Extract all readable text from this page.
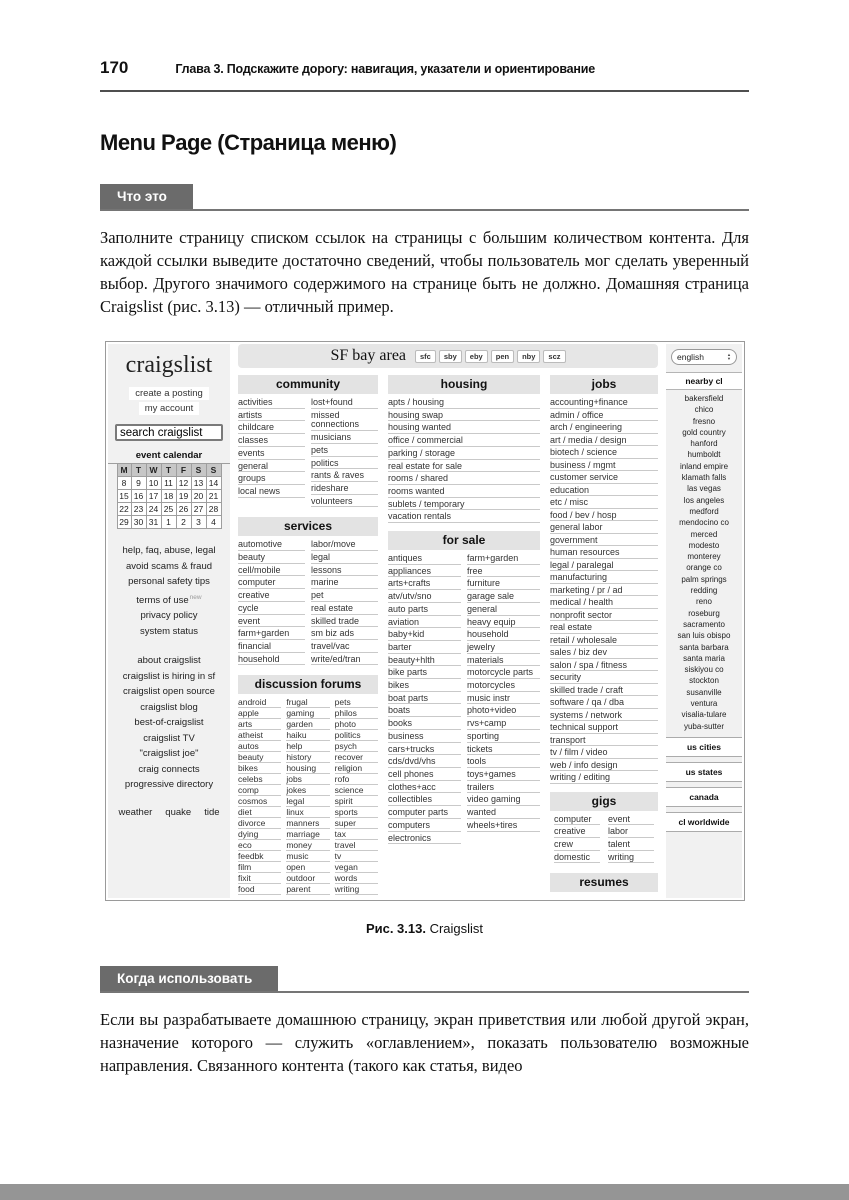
170	Глава 3. Подскажите дорогу: навигация, указатели и ориентирование
Menu Page (Страница меню)
Что это

Заполните страницу списком ссылок на страницы с большим количеством контента. Для каждой ссылки выведите достаточно сведений, чтобы пользователь мог сделать уверенный выбор. Другого значимого содержимого на странице быть не должно. Домашняя страница Craigslist (рис. 3.13) — отличный пример.

craigslist
create a posting
my account
search craigslist
event calendar
M T W T	F	S	S
8	9 10 11 12 13 14
15 16 17 18 19 20 21
22 23 24 25 26 27 28
29 30 31 1	2	3	4
help, faq, abuse, legal
avoid scams & fraud
personal safety tips
terms of use$^{new}$
privacy policy
system status
about craigslist
craigslist is hiring in sf
craigslist open source
craigslist blog
best-of-craigslist
craigslist TV
"craigslist joe"
craig connects
progressive directory
weather quake tide
SF bay area	sfc	sby	eby	pen	nby	scz
community
activities
artists
childcare
classes
events
general
groups
local news
lost+found
missed connections
musicians
pets
politics
rants & raves
rideshare
volunteers
services
automotive
beauty
cell/mobile
computer
creative
cycle
event
farm+garden
financial
household
labor/move
legal
lessons
marine
pet
real estate
skilled trade
sm biz ads
travel/vac
write/ed/tran
discussion forums
android
apple
arts
atheist
autos
beauty
bikes
celebs
comp
cosmos
diet
divorce
dying
eco
feedbk
film
fixit
food
frugal
gaming
garden
haiku
help
history
housing
jobs
jokes
legal
linux
manners
marriage
money
music
open
outdoor
parent
pets
philos
photo
politics
psych
recover
religion
rofo
science
spirit
sports
super
tax
travel
tv
vegan
words
writing
housing
apts / housing
housing swap
housing wanted
office / commercial
parking / storage
real estate for sale
rooms / shared
rooms wanted
sublets / temporary
vacation rentals
for sale
antiques
appliances
arts+crafts
atv/utv/sno
auto parts
aviation
baby+kid
barter
beauty+hlth
bike parts
bikes
boat parts
boats
books
business
cars+trucks
cds/dvd/vhs
cell phones
clothes+acc
collectibles
computer parts
computers
electronics
farm+garden
free
furniture
garage sale
general
heavy equip
household
jewelry
materials
motorcycle parts
motorcycles
music instr
photo+video
rvs+camp
sporting
tickets
tools
toys+games
trailers
video gaming
wanted
wheels+tires
jobs
accounting+finance
admin / office
arch / engineering
art / media / design
biotech / science
business / mgmt
customer service
education
etc / misc
food / bev / hosp
general labor
government
human resources
legal / paralegal
manufacturing
marketing / pr / ad
medical / health
nonprofit sector
real estate
retail / wholesale
sales / biz dev
salon / spa / fitness
security
skilled trade / craft
software / qa / dba
systems / network
technical support
transport
tv / film / video
web / info design
writing / editing
gigs
computer
creative
crew
domestic
event
labor
talent
writing
resumes
english	▲
▼
nearby cl
bakersfield
chico
fresno
gold country
hanford
humboldt
inland empire
klamath falls
las vegas
los angeles
medford
mendocino co
merced
modesto
monterey
orange co
palm springs
redding
reno
roseburg
sacramento
san luis obispo
santa barbara
santa maria
siskiyou co
stockton
susanville
ventura
visalia-tulare
yuba-sutter
us cities
us states
canada
cl worldwide
Рис. 3.13. Craigslist
Когда использовать

Если вы разрабатываете домашнюю страницу, экран приветствия или любой другой экран, назначение которого — служить «оглавлением», показать пользователю возможные направления. Связанного контента (такого как статья, видео
